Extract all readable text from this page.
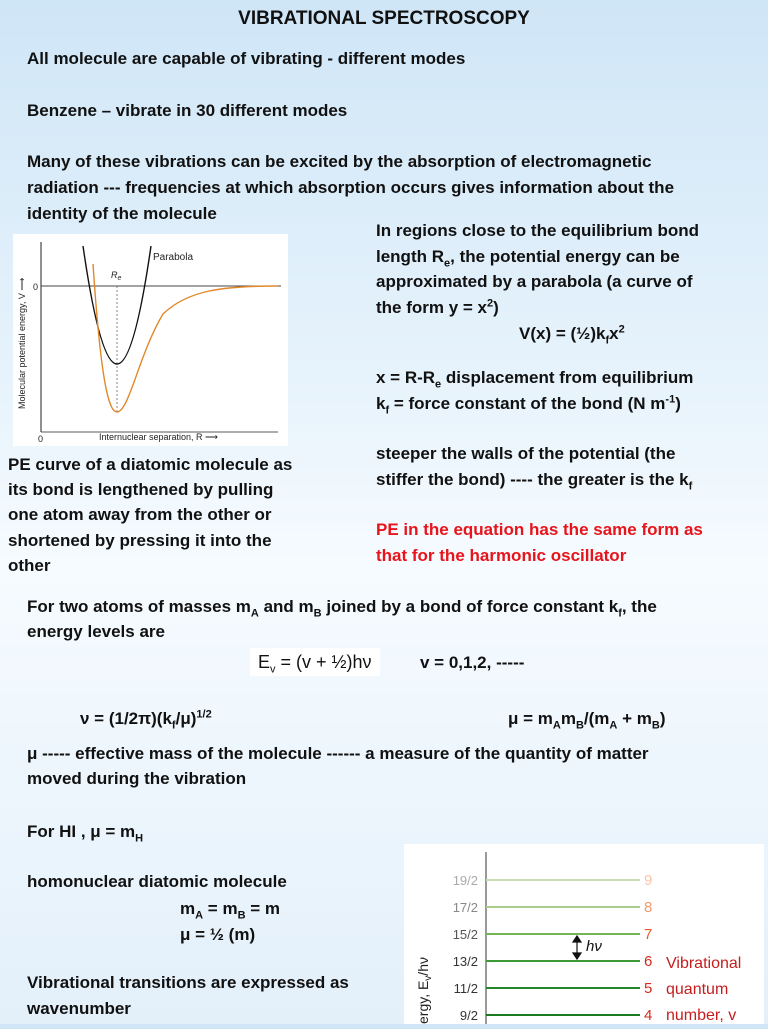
VIBRATIONAL SPECTROSCOPY
All molecule are capable of vibrating - different modes
Benzene – vibrate in 30 different modes
Many of these vibrations can be excited by the absorption of electromagnetic
radiation --- frequencies at which absorption occurs gives information about the
identity of the molecule
Molecular potential energy, V ⟶ 0
0	Internuclear separation, R ⟶
Parabola
$R_e$
In regions close to the equilibrium bond
length $R_e$, the potential energy can be
approximated by a parabola (a curve of
the form $y = x^2$)
$V(x) = (\frac{1}{2})k_fx^2$
$x = R-R_e$ displacement from equilibrium
$k_f$ = force constant of the bond (N $m^{-1}$)
steeper the walls of the potential (the
stiffer the bond) ---- the greater is the $k_f$
PE in the equation has the same form as
that for the harmonic oscillator
PE curve of a diatomic molecule as
its bond is lengthened by pulling
one atom away from the other or
shortened by pressing it into the
other
For two atoms of masses $m_A$ and $m_B$ joined by a bond of force constant $k_f$, the
energy levels are
$E_v = (v$ + ½)hν	v = 0,1,2, -----
$\nu = (1/2\pi)(k_f/\mu)^{1/2}$	$\mu = m_Am_B/(m_A + m_B)$
μ ----- effective mass of the molecule ------ a measure of the quantity of matter
moved during the vibration
For HI , $\mu = m_H$
homonuclear diatomic molecule
$m_A = m_B = m$
μ = ½ (m)
Vibrational transitions are expressed as
wavenumber
19/2
17/2
15/2
13/2
11/2
9/2
9
8
7
6
5
4
hν
Vibrational
quantum
number, v
ergy, $E_v/h\nu$
